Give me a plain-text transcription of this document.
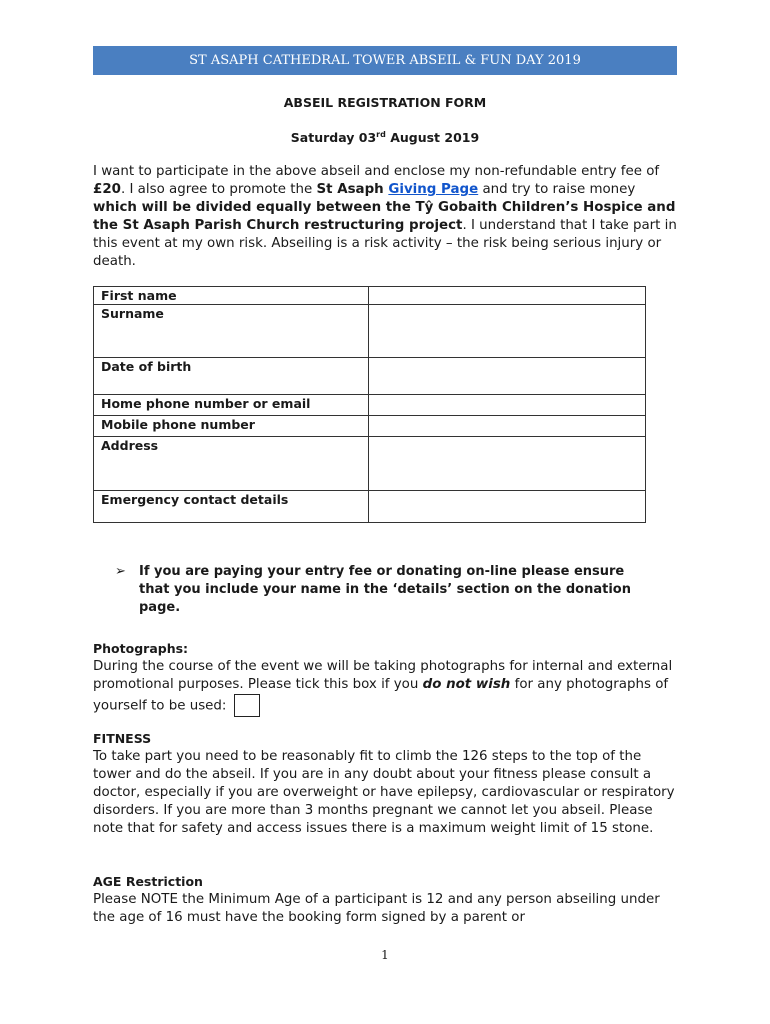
ST ASAPH CATHEDRAL TOWER ABSEIL & FUN DAY 2019
ABSEIL REGISTRATION FORM
Saturday 03rd August 2019
I want to participate in the above abseil and enclose my non-refundable entry fee of £20. I also agree to promote the St Asaph Giving Page and try to raise money which will be divided equally between the Tŷ Gobaith Children’s Hospice and the St Asaph Parish Church restructuring project. I understand that I take part in this event at my own risk. Abseiling is a risk activity – the risk being serious injury or death.
First name	
Surname	
Date of birth	
Home phone number or email	
Mobile phone number	
Address	
Emergency contact details	
➢ If you are paying your entry fee or donating on-line please ensure that you include your name in the ‘details’ section on the donation page.
Photographs:
During the course of the event we will be taking photographs for internal and external promotional purposes. Please tick this box if you do not wish for any photographs of yourself to be used:
FITNESS
To take part you need to be reasonably fit to climb the 126 steps to the top of the tower and do the abseil. If you are in any doubt about your fitness please consult a doctor, especially if you are overweight or have epilepsy, cardiovascular or respiratory disorders. If you are more than 3 months pregnant we cannot let you abseil. Please note that for safety and access issues there is a maximum weight limit of 15 stone.
AGE Restriction
Please NOTE the Minimum Age of a participant is 12 and any person abseiling under the age of 16 must have the booking form signed by a parent or
1
